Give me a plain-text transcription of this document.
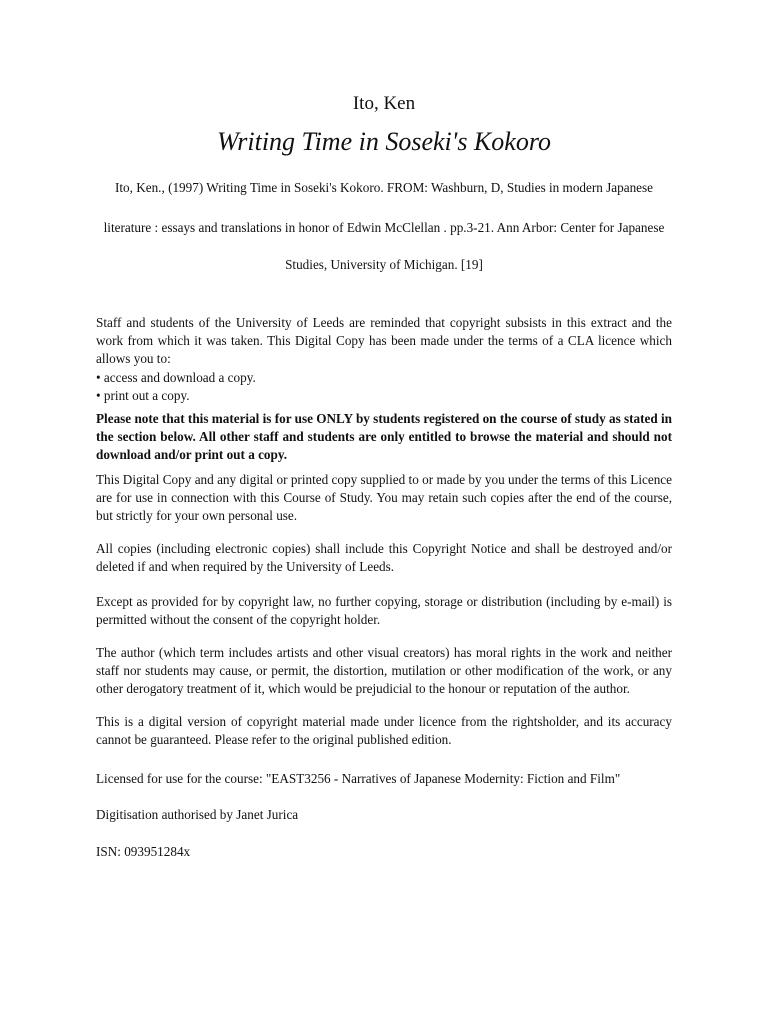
Ito, Ken
Writing Time in Soseki's Kokoro
Ito, Ken., (1997) Writing Time in Soseki's Kokoro. FROM: Washburn, D, Studies in modern Japanese
literature : essays and translations in honor of Edwin McClellan . pp.3-21. Ann Arbor: Center for Japanese
Studies, University of Michigan. [19]

Staff and students of the University of Leeds are reminded that copyright subsists in this extract and the work from which it was taken. This Digital Copy has been made under the terms of a CLA licence which allows you to:

• access and download a copy.
• print out a copy.
Please note that this material is for use ONLY by students registered on the course of study as stated in the section below. All other staff and students are only entitled to browse the material and should not download and/or print out a copy.
This Digital Copy and any digital or printed copy supplied to or made by you under the terms of this Licence are for use in connection with this Course of Study. You may retain such copies after the end of the course, but strictly for your own personal use.
All copies (including electronic copies) shall include this Copyright Notice and shall be destroyed and/or deleted if and when required by the University of Leeds.
Except as provided for by copyright law, no further copying, storage or distribution (including by e-mail) is permitted without the consent of the copyright holder.
The author (which term includes artists and other visual creators) has moral rights in the work and neither staff nor students may cause, or permit, the distortion, mutilation or other modification of the work, or any other derogatory treatment of it, which would be prejudicial to the honour or reputation of the author.
This is a digital version of copyright material made under licence from the rightsholder, and its accuracy cannot be guaranteed. Please refer to the original published edition.
Licensed for use for the course: "EAST3256 - Narratives of Japanese Modernity: Fiction and Film"
Digitisation authorised by Janet Jurica
ISN: 093951284x
